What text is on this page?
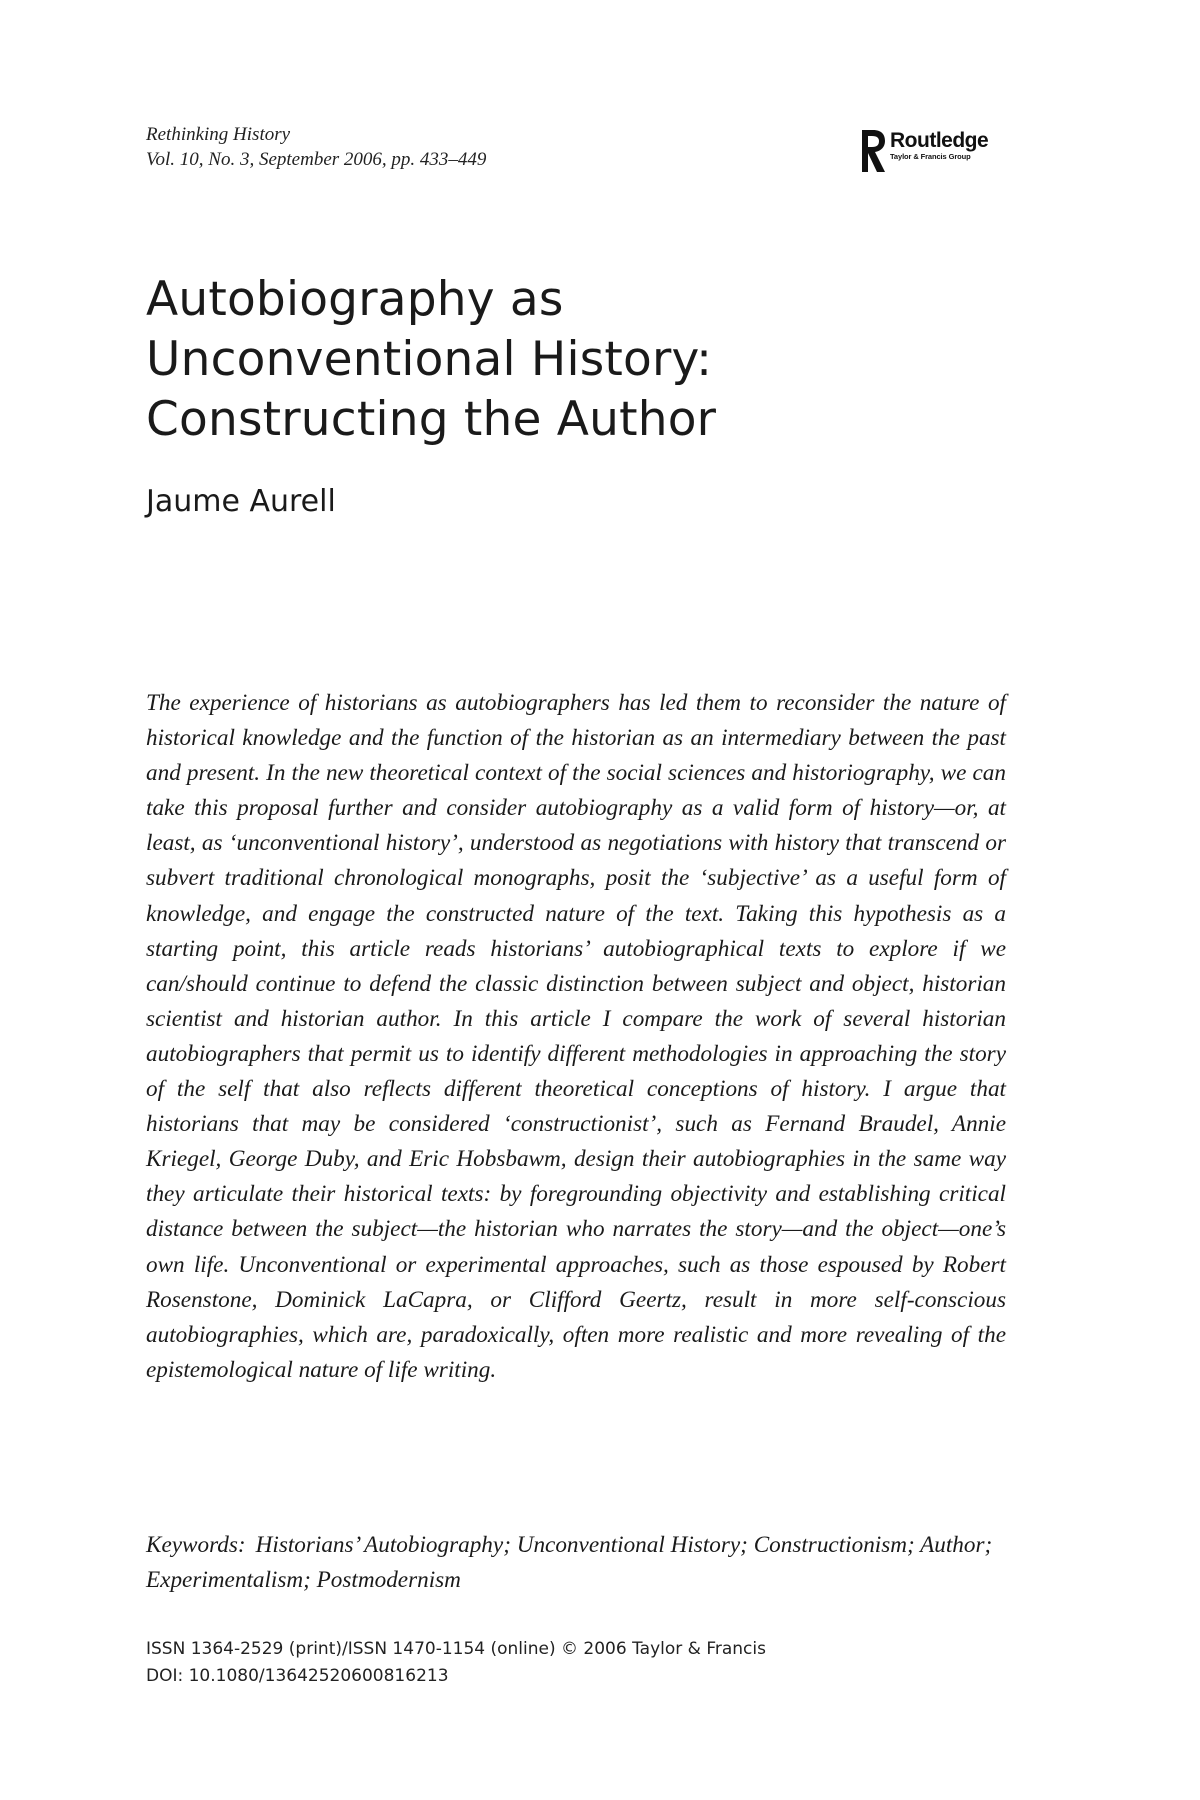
Rethinking History
Vol. 10, No. 3, September 2006, pp. 433–449
Routledge
Taylor & Francis Group
Autobiography as
Unconventional History:
Constructing the Author
Jaume Aurell

The experience of historians as autobiographers has led them to reconsider the nature of historical knowledge and the function of the historian as an intermediary between the past and present. In the new theoretical context of the social sciences and historiography, we can take this proposal further and consider autobiography as a valid form of history—or, at least, as ‘unconventional history’, understood as negotiations with history that transcend or subvert traditional chronological monographs, posit the ‘subjective’ as a useful form of knowledge, and engage the constructed nature of the text. Taking this hypothesis as a starting point, this article reads historians’ autobiographical texts to explore if we can/should continue to defend the classic distinction between subject and object, historian scientist and historian author. In this article I compare the work of several historian autobiographers that permit us to identify different methodologies in approaching the story of the self that also reflects different theoretical conceptions of history. I argue that historians that may be considered ‘constructionist’, such as Fernand Braudel, Annie Kriegel, George Duby, and Eric Hobsbawm, design their autobiographies in the same way they articulate their historical texts: by foregrounding objectivity and establishing critical distance between the subject—the historian who narrates the story—and the object—one’s own life. Unconventional or experimental approaches, such as those espoused by Robert Rosenstone, Dominick LaCapra, or Clifford Geertz, result in more self-conscious autobiographies, which are, paradoxically, often more realistic and more revealing of the epistemological nature of life writing.

Keywords: Historians’ Autobiography; Unconventional History; Constructionism; Author; Experimentalism; Postmodernism

ISSN 1364-2529 (print)/ISSN 1470-1154 (online) © 2006 Taylor & Francis
DOI: 10.1080/13642520600816213
